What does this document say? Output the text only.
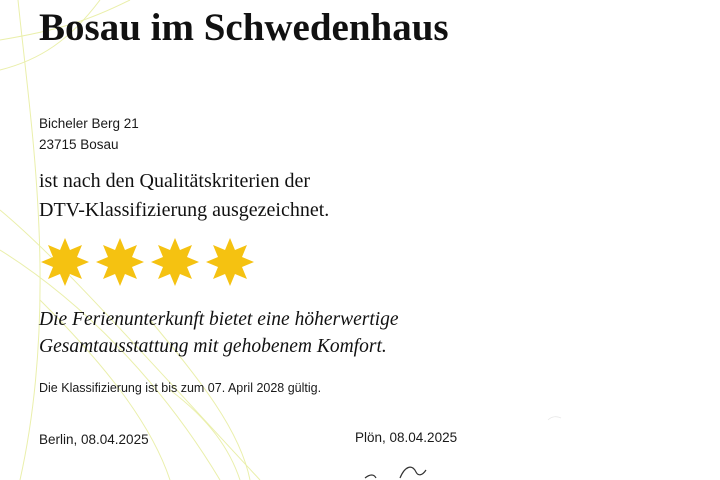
Bosau im Schwedenhaus
Bicheler Berg 21
23715 Bosau
ist nach den Qualitätskriterien der
DTV-Klassifizierung ausgezeichnet.
Die Ferienunterkunft bietet eine höherwertige
Gesamtausstattung mit gehobenem Komfort.
Die Klassifizierung ist bis zum 07. April 2028 gültig.
Berlin, 08.04.2025	Plön, 08.04.2025
